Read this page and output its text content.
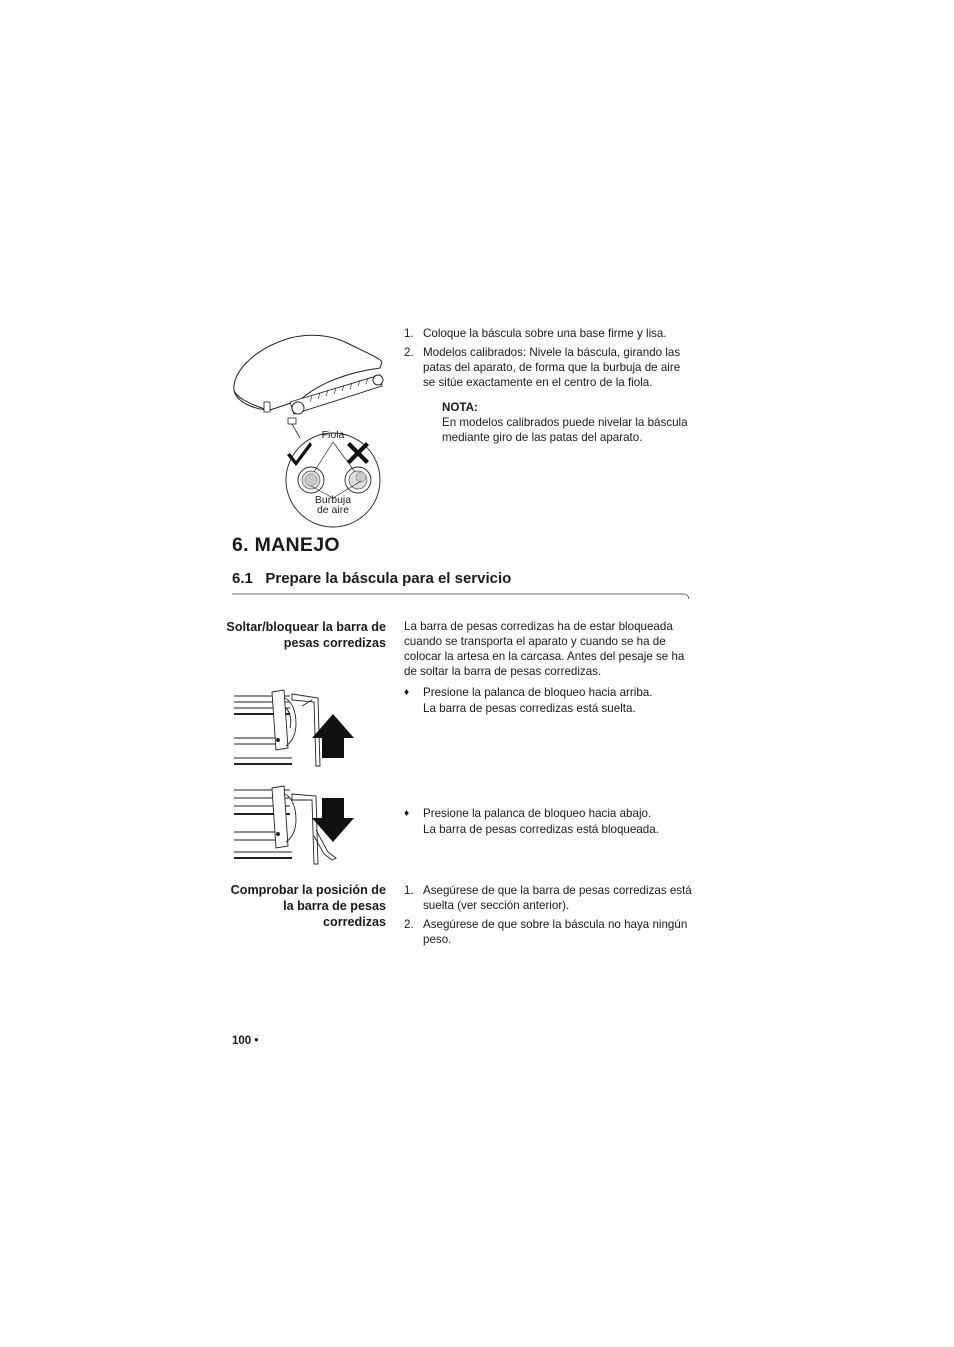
Fiola
Burbuja
de aire
1. Coloque la báscula sobre una base firme y lisa.
2. Modelos calibrados: Nivele la báscula, girando las patas del aparato, de forma que la burbuja de aire se sitúe exactamente en el centro de la fiola.
NOTA:
En modelos calibrados puede nivelar la báscula mediante giro de las patas del aparato.
6. MANEJO
6.1   Prepare la báscula para el servicio
Soltar/bloquear la barra de pesas corredizas
La barra de pesas corredizas ha de estar bloqueada cuando se transporta el aparato y cuando se ha de colocar la artesa en la carcasa. Antes del pesaje se ha de soltar la barra de pesas corredizas.
♦ Presione la palanca de bloqueo hacia arriba.
La barra de pesas corredizas está suelta.
♦ Presione la palanca de bloqueo hacia abajo.
La barra de pesas corredizas está bloqueada.
Comprobar la posición de la barra de pesas corredizas
1. Asegúrese de que la barra de pesas corredizas está suelta (ver sección anterior).
2. Asegúrese de que sobre la báscula no haya ningún peso.
100 •
